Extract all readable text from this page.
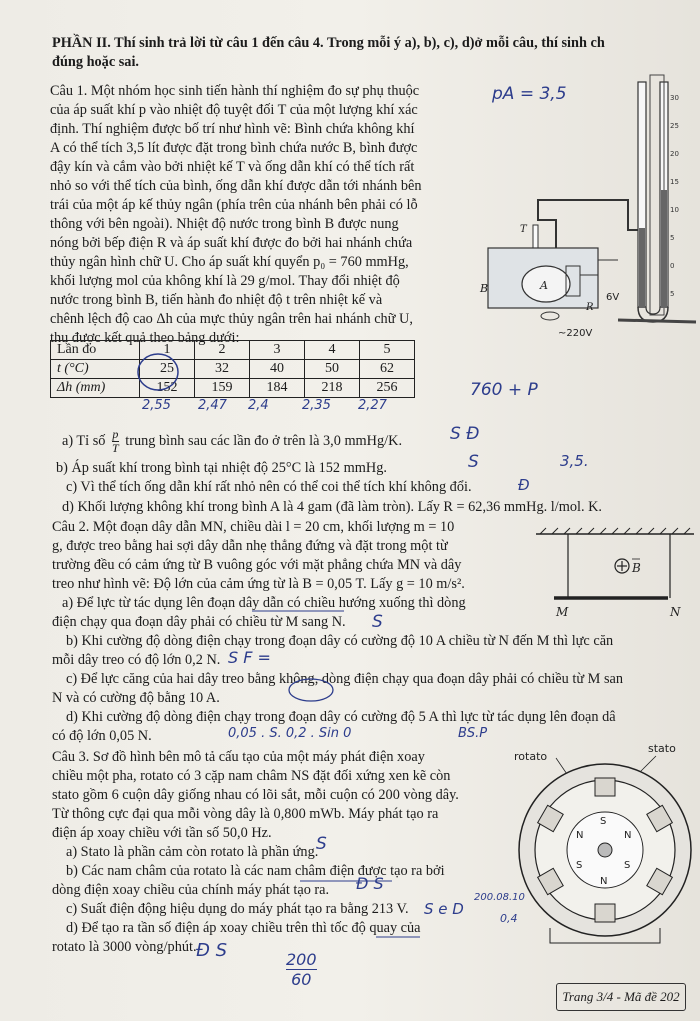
PHẦN II. Thí sinh trả lời từ câu 1 đến câu 4. Trong mỗi ý a), b), c), d)ở mỗi câu, thí sinh ch
đúng hoặc sai.
Câu 1. Một nhóm học sinh tiến hành thí nghiệm đo sự phụ thuộc
của áp suất khí p vào nhiệt độ tuyệt đối T của một lượng khí xác
định. Thí nghiệm được bố trí như hình vẽ: Bình chứa không khí
A có thể tích 3,5 lít được đặt trong bình chứa nước B, bình được
đậy kín và cắm vào bởi nhiệt kế T và ống dẫn khí có thể tích rất
nhỏ so với thể tích của bình, ống dẫn khí được dẫn tới nhánh bên
trái của một áp kế thủy ngân (phía trên của nhánh bên phải có lỗ
thông với bên ngoài). Nhiệt độ nước trong bình B được nung
nóng bởi bếp điện R và áp suất khí được đo bởi hai nhánh chứa
thủy ngân hình chữ U. Cho áp suất khí quyển p₀ = 760 mmHg,
khối lượng mol của không khí là 29 g/mol. Thay đổi nhiệt độ
nước trong bình B, tiến hành đo nhiệt độ t trên nhiệt kế và
chênh lệch độ cao Δh của mực thủy ngân trên hai nhánh chữ U,
thu được kết quả theo bảng dưới:
Lần đo	1	2	3	4	5
t (°C)	25	32	40	50	62
Δh (mm)	152	159	184	218	256
a) Tỉ số $\frac{p}{T}$ trung bình sau các lần đo ở trên là 3,0 mmHg/K.
b) Áp suất khí trong bình tại nhiệt độ 25°C là 152 mmHg.
c) Vì thể tích ống dẫn khí rất nhỏ nên có thể coi thể tích khí không đổi.
d) Khối lượng không khí trong bình A là 4 gam (đã làm tròn). Lấy R = 62,36 mmHg. l/mol. K.
Câu 2. Một đoạn dây dẫn MN, chiều dài l = 20 cm, khối lượng m = 10
g, được treo bằng hai sợi dây dẫn nhẹ thẳng đứng và đặt trong một từ
trường đều có cảm ứng từ B vuông góc với mặt phẳng chứa MN và dây
treo như hình vẽ: Độ lớn của cảm ứng từ là B = 0,05 T. Lấy g = 10 m/s².
a) Để lực từ tác dụng lên đoạn dây dẫn có chiều hướng xuống thì dòng
điện chạy qua đoạn dây phải có chiều từ M sang N.
b) Khi cường độ dòng điện chạy trong đoạn dây có cường độ 10 A chiều từ N đến M thì lực căn
mỗi dây treo có độ lớn 0,2 N.
c) Để lực căng của hai dây treo bằng không, dòng điện chạy qua đoạn dây phải có chiều từ M san
N và có cường độ bằng 10 A.
d) Khi cường độ dòng điện chạy trong đoạn dây có cường độ 5 A thì lực từ tác dụng lên đoạn dâ
có độ lớn 0,05 N.
Câu 3. Sơ đồ hình bên mô tả cấu tạo của một máy phát điện xoay
chiều một pha, rotato có 3 cặp nam châm NS đặt đối xứng xen kẽ còn
stato gồm 6 cuộn dây giống nhau có lõi sắt, mỗi cuộn có 200 vòng dây.
Từ thông cực đại qua mỗi vòng dây là 0,800 mWb. Máy phát tạo ra
điện áp xoay chiều với tần số 50,0 Hz.
a) Stato là phần cảm còn rotato là phần ứng.
b) Các nam châm của rotato là các nam châm điện được tạo ra bởi
dòng điện xoay chiều của chính máy phát tạo ra.
c) Suất điện động hiệu dụng do máy phát tạo ra bằng 213 V.
d) Để tạo ra tần số điện áp xoay chiều trên thì tốc độ quay của
rotato là 3000 vòng/phút.
30
25
20
15
10
5
0
5
T
B	A
R
6V
~220V
B
M	N
rotato
stato
S
N
S
N
S
N
pA = 3,5
2,55 2,47 2,4	2,35 2,27
760 + P
S Đ
S	3,5.
Đ
S
S F =
0,05 . S. 0,2 . Sin 0	BS.P
S
Đ S
S e D
200.08.10
0,4
Đ S	200
60
Trang 3/4 - Mã đề 202
